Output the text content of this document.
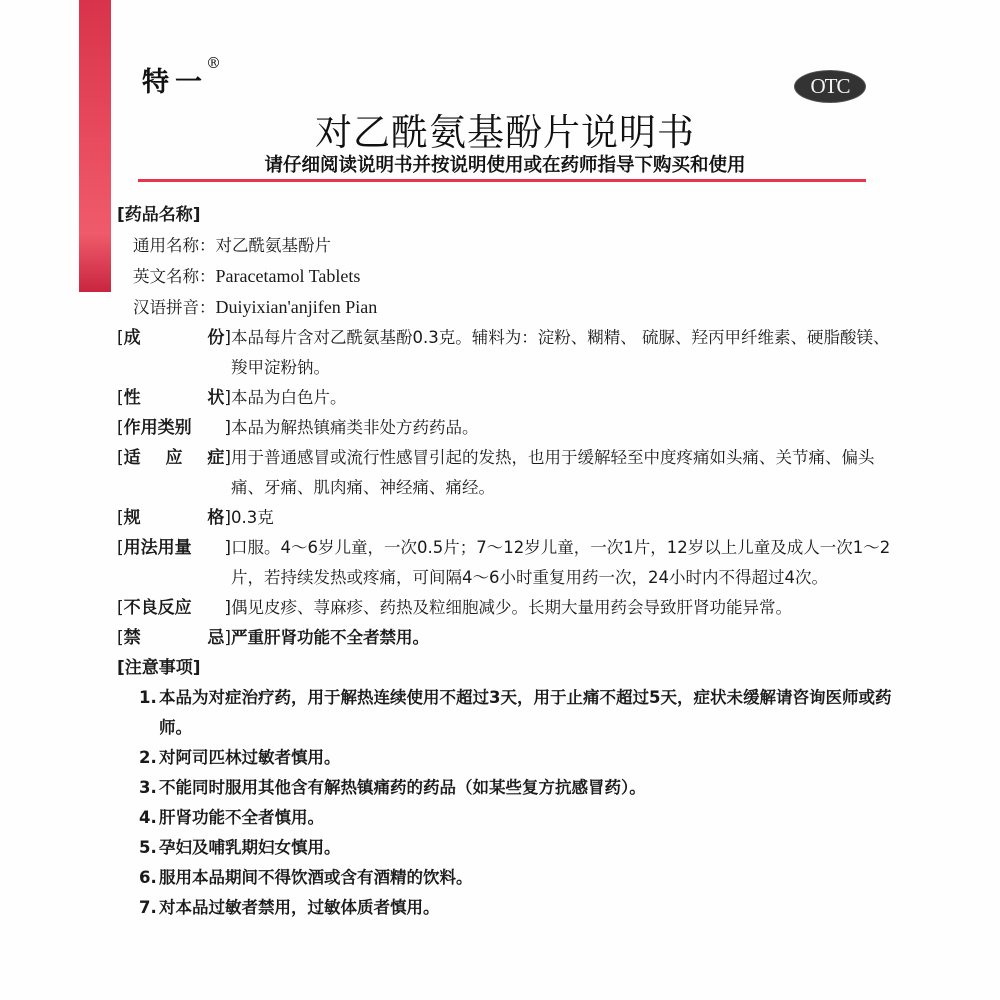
特一
®
OTC
对乙酰氨基酚片说明书
请仔细阅读说明书并按说明使用或在药师指导下购买和使用
[药品名称]
通用名称：对乙酰氨基酚片
英文名称：Paracetamol Tablets
汉语拼音：Duiyixian'anjifen Pian
[ 成	份 ] 本品每片含对乙酰氨基酚0.3克。辅料为：淀粉、糊精、 硫脲、羟丙甲纤维素、硬脂酸镁、羧甲淀粉钠。
[ 性	状 ] 本品为白色片。
[ 作用类别 ] 本品为解热镇痛类非处方药药品。
[ 适 应 症 ] 用于普通感冒或流行性感冒引起的发热，也用于缓解轻至中度疼痛如头痛、关节痛、偏头痛、牙痛、肌肉痛、神经痛、痛经。
[ 规	格 ] 0.3克
[ 用法用量 ] 口服。4～6岁儿童，一次0.5片；7～12岁儿童，一次1片，12岁以上儿童及成人一次1～2片，若持续发热或疼痛，可间隔4～6小时重复用药一次，24小时内不得超过4次。
[ 不良反应 ] 偶见皮疹、荨麻疹、药热及粒细胞减少。长期大量用药会导致肝肾功能异常。
[ 禁	忌 ] 严重肝肾功能不全者禁用。
[注意事项]
1. 本品为对症治疗药，用于解热连续使用不超过3天，用于止痛不超过5天，症状未缓解请咨询医师或药师。
2. 对阿司匹林过敏者慎用。
3. 不能同时服用其他含有解热镇痛药的药品（如某些复方抗感冒药）。
4. 肝肾功能不全者慎用。
5. 孕妇及哺乳期妇女慎用。
6. 服用本品期间不得饮酒或含有酒精的饮料。
7. 对本品过敏者禁用，过敏体质者慎用。
